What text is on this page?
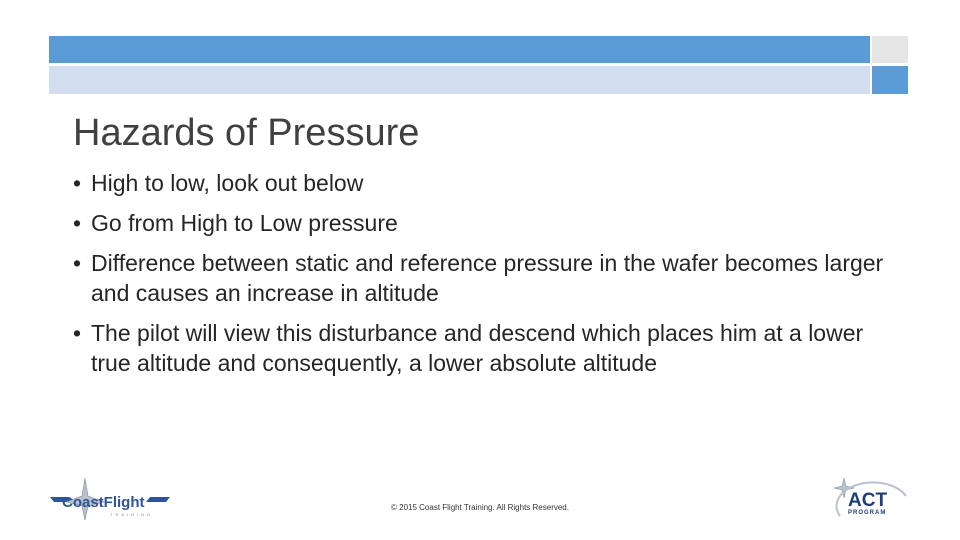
Hazards of Pressure
• High to low, look out below
• Go from High to Low pressure
• Difference between static and reference pressure in the wafer becomes larger and causes an increase in altitude
• The pilot will view this disturbance and descend which places him at a lower true altitude and consequently, a lower absolute altitude
CoastFlight
TRAINING
© 2015 Coast Flight Training. All Rights Reserved.	ACT
PROGRAM
